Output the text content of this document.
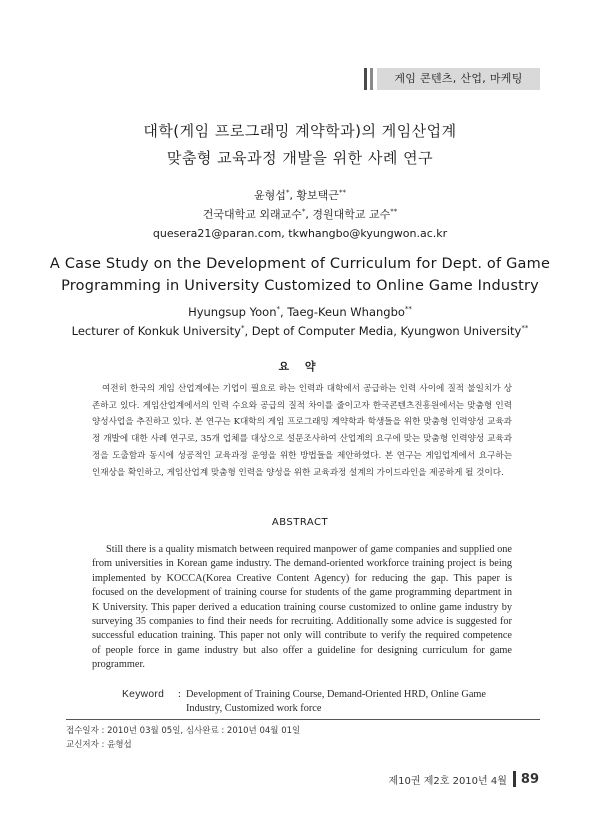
게임 콘텐츠, 산업, 마케팅
대학(게임 프로그래밍 계약학과)의 게임산업계
맞춤형 교육과정 개발을 위한 사례 연구
윤형섭*, 황보택근**
건국대학교 외래교수*, 경원대학교 교수**
quesera21@paran.com, tkwhangbo@kyungwon.ac.kr
A Case Study on the Development of Curriculum for Dept. of Game
Programming in University Customized to Online Game Industry
Hyungsup Yoon*, Taeg-Keun Whangbo**
Lecturer of Konkuk University*, Dept of Computer Media, Kyungwon University**
요 약
여전히 한국의 게임 산업계에는 기업이 필요로 하는 인력과 대학에서 공급하는 인력 사이에 질적 불일치가 상존하고 있다. 게임산업계에서의 인력 수요와 공급의 질적 차이를 줄이고자 한국콘텐츠진흥원에서는 맞춤형 인력양성사업을 추진하고 있다. 본 연구는 K대학의 게임 프로그래밍 계약학과 학생들을 위한 맞춤형 인력양성 교육과정 개발에 대한 사례 연구로, 35개 업체를 대상으로 설문조사하여 산업계의 요구에 맞는 맞춤형 인력양성 교육과정을 도출함과 동시에 성공적인 교육과정 운영을 위한 방법들을 제안하였다. 본 연구는 게임업계에서 요구하는 인재상을 확인하고, 게임산업계 맞춤형 인력을 양성을 위한 교육과정 설계의 가이드라인을 제공하게 될 것이다.
ABSTRACT
Still there is a quality mismatch between required manpower of game companies and supplied one from universities in Korean game industry. The demand-oriented workforce training project is being implemented by KOCCA(Korea Creative Content Agency) for reducing the gap. This paper is focused on the development of training course for students of the game programming department in K University. This paper derived a education training course customized to online game industry by surveying 35 companies to find their needs for recruiting. Additionally some advice is suggested for successful education training. This paper not only will contribute to verify the required competence of people force in game industry but also offer a guideline for designing curriculum for game programmer.
Keyword : Development of Training Course, Demand-Oriented HRD, Online Game Industry, Customized work force
접수일자 : 2010년 03월 05일, 심사완료 : 2010년 04월 01일
교신저자 : 윤형섭
제10권 제2호 2010년 4월 89
